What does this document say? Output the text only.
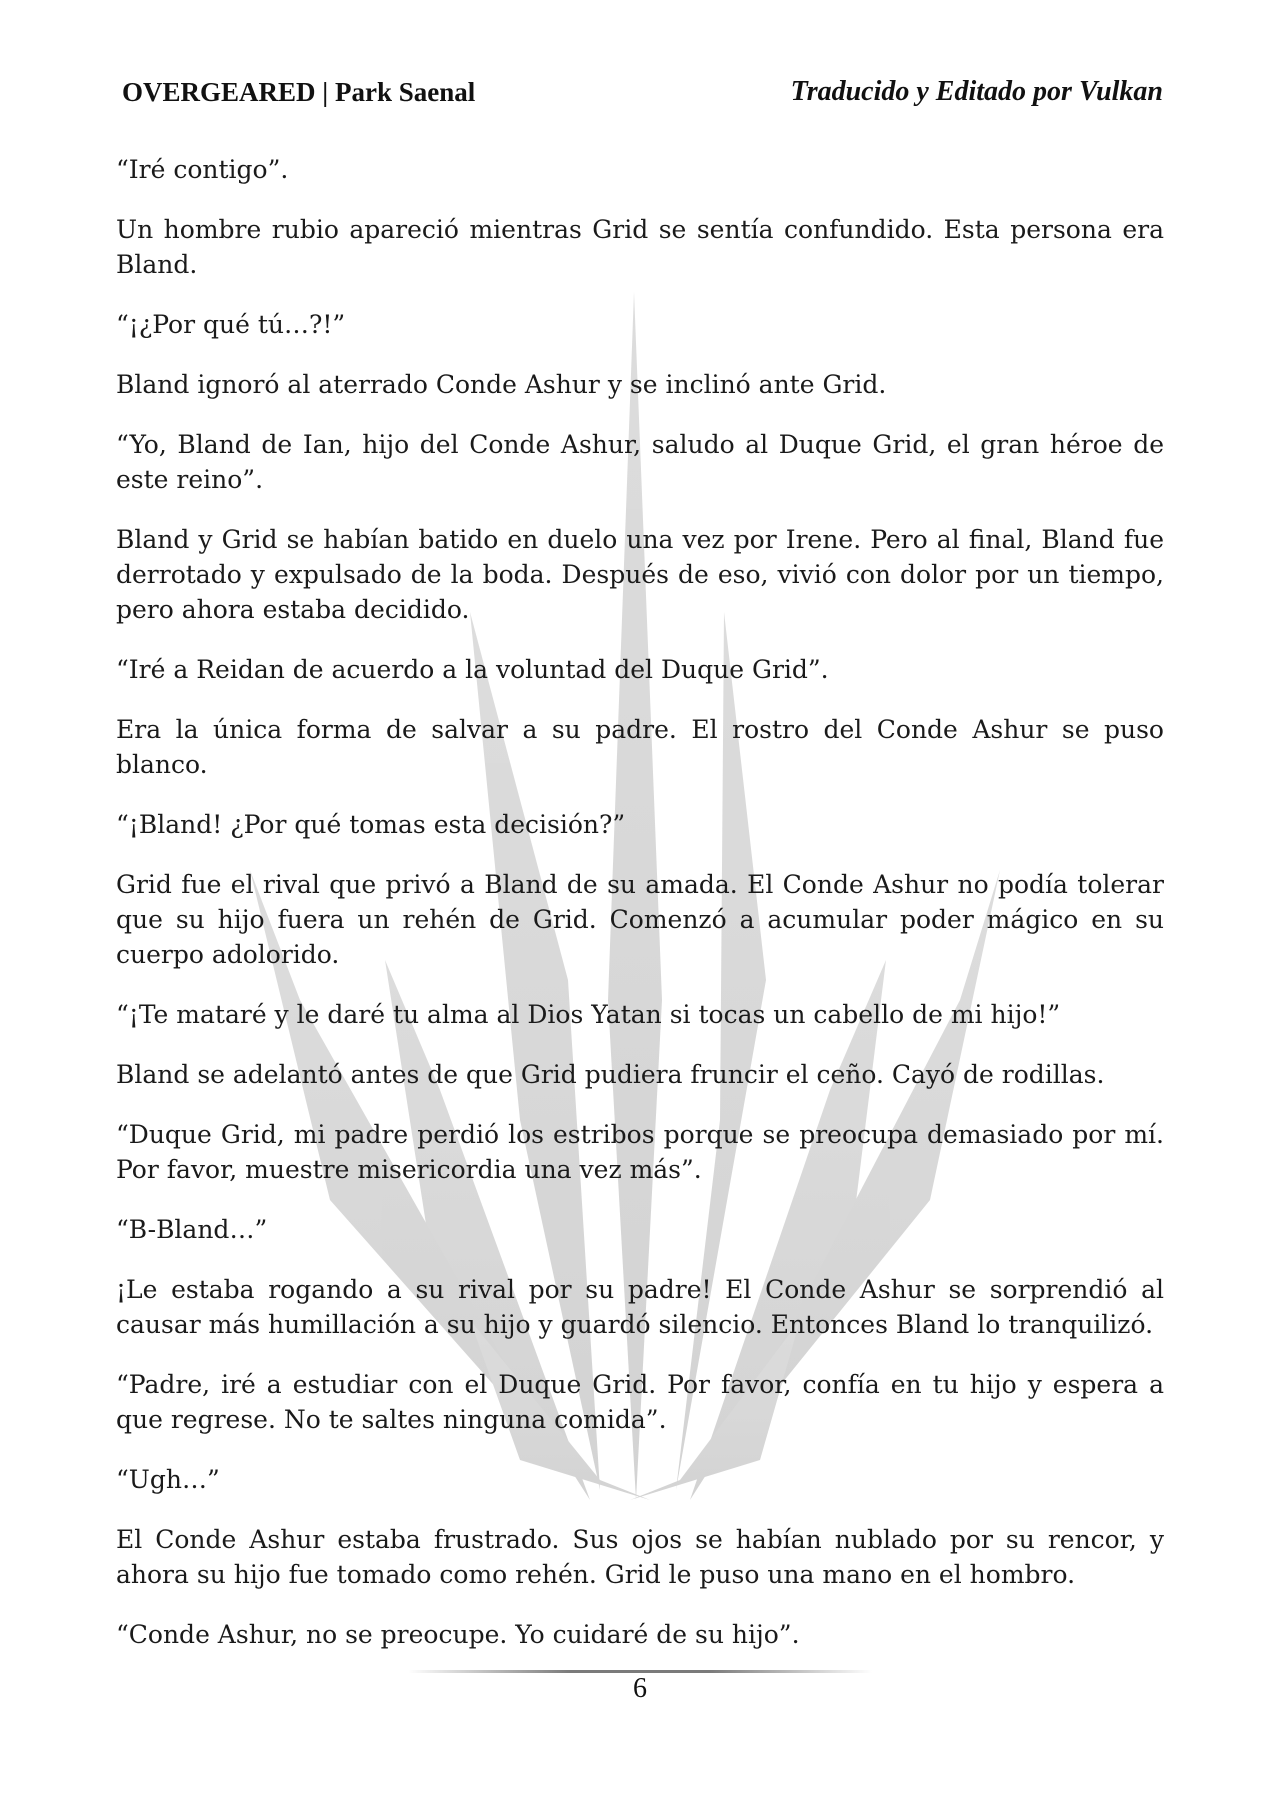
OVERGEARED | Park Saenal	Traducido y Editado por Vulkan

“Iré contigo”.

Un hombre rubio apareció mientras Grid se sentía confundido. Esta persona era Bland.

“¡¿Por qué tú…?!”

Bland ignoró al aterrado Conde Ashur y se inclinó ante Grid.

“Yo, Bland de Ian, hijo del Conde Ashur, saludo al Duque Grid, el gran héroe de este reino”.

Bland y Grid se habían batido en duelo una vez por Irene. Pero al final, Bland fue derrotado y expulsado de la boda. Después de eso, vivió con dolor por un tiempo, pero ahora estaba decidido.

“Iré a Reidan de acuerdo a la voluntad del Duque Grid”.

Era la única forma de salvar a su padre. El rostro del Conde Ashur se puso blanco.

“¡Bland! ¿Por qué tomas esta decisión?”

Grid fue el rival que privó a Bland de su amada. El Conde Ashur no podía tolerar que su hijo fuera un rehén de Grid. Comenzó a acumular poder mágico en su cuerpo adolorido.

“¡Te mataré y le daré tu alma al Dios Yatan si tocas un cabello de mi hijo!”

Bland se adelantó antes de que Grid pudiera fruncir el ceño. Cayó de rodillas.

“Duque Grid, mi padre perdió los estribos porque se preocupa demasiado por mí. Por favor, muestre misericordia una vez más”.

“B-Bland…”

¡Le estaba rogando a su rival por su padre! El Conde Ashur se sorprendió al causar más humillación a su hijo y guardó silencio. Entonces Bland lo tranquilizó.

“Padre, iré a estudiar con el Duque Grid. Por favor, confía en tu hijo y espera a que regrese. No te saltes ninguna comida”.

“Ugh…”

El Conde Ashur estaba frustrado. Sus ojos se habían nublado por su rencor, y ahora su hijo fue tomado como rehén. Grid le puso una mano en el hombro.

“Conde Ashur, no se preocupe. Yo cuidaré de su hijo”.

6
